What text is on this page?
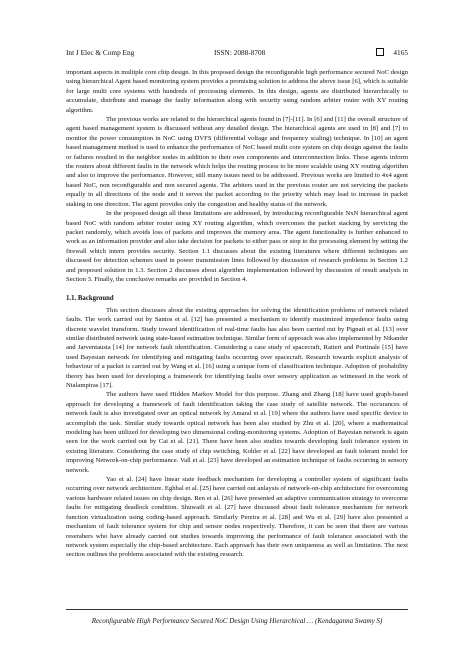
Int J Elec & Comp Eng	ISSN: 2088-8708	4165

important aspects in multiple core chip design. In this proposed design the reconfigurable high performance secured NoC design using hierarchical Agent based monitoring system provides a promising solution to address the above issue [6], which is suitable for large multi core systems with hundreds of processing elements. In this design, agents are distributed hierarchically to accumulate, distribute and manage the faulty information along with security using random arbiter router with XY routing algorithm.

The previous works are related to the hierarchical agents found in [7]-[11]. In [6] and [11] the overall structure of agent based management system is discussed without any detailed design. The hierarchical agents are used in [8] and [7] to monitor the power consumption in NoC using DVFS (differential voltage and frequency scaling) technique. In [10] an agent based management method is used to enhance the performance of NoC based multi core system on chip design against the faults or failures resulted in the neighbor nodes in addition to their own components and interconnection links. These agents inform the routers about different faults in the network which helps the routing process to be more scalable using XY routing algorithm and also to improve the performance. However, still many issues need to be addressed. Previous works are limited to 4x4 agent based NoC, non reconfigurable and non secured agents. The arbiters used in the previous router are not servicing the packets equally in all directions of the node and it serves the packet according to the priority which may lead to increase in packet staking in one direction. The agent provides only the congestion and healthy status of the network.

In the proposed design all these limitations are addressed, by introducing reconfigurable NxN hierarchical agent based NoC with random arbiter router using XY routing algorithm, which overcomes the packet stacking by servicing the packet randomly, which avoids loss of packets and improves the memory area. The agent functionality is further enhanced to work as an information provider and also take decision for packets to either pass or stop to the processing element by setting the firewall which intern provides security. Section 1.1 discusses about the existing literatures where different techniques are discussed for detection schemes used in power transmission lines followed by discussion of research problems in Section 1.2 and proposed solution in 1.3. Section 2 discusses about algorithm implementation followed by discussion of result analysis in Section 3. Finally, the conclusive remarks are provided in Section 4.

1.1. Background

This section discusses about the existing approaches for solving the identification problems of network related faults. The work carried out by Santos et al. [12] has presented a mechanism to identify maximized impedence faults using discrete wavelet transform. Study toward identification of real-time faults has also been carried out by Pignati et al. [13] over similar distributed network using state-based estimation technique. Similar form of approach was also implemented by Nikander and Jarventausta [14] for network fault identification. Considering a case study of spacecraft, Raiteri and Portinale [15] have used Bayesian network for identifying and mitigating faults occurring over spacecraft. Research towards explicit analysis of behaviour of a packet is carried out by Wang et al. [16] using a unique form of classification technique. Adoption of probability theory has been used for developing a framework for identifying faults over sensory application as witnessed in the work of Ntalampiras [17].

The authors have used Hidden Markov Model for this purpose. Zhang and Zhang [18] have used graph-based approach for developing a framework of fault identification taking the case study of satellite network. The occurances of network fault is also investigated over an optical network by Amaral et al. [19] where the authors have used specific device to accomplish the task. Similar study towards optical network has been also studied by Zhu et al. [20], where a mathematical modeling has been utilized for developing two dimensional coding-monitoring systems. Adoption of Bayesian network is again seen for the work carried out by Cai et al. [21]. There have been also studies towards developing fault tolerance system in existing literature. Considering the case study of chip switching, Kohler et al. [22] have developed an fault tolerant model for improving Network-on-chip performance. Vall et al. [23] have developed an estimation technique of faults occurring in sensory network.

Yao et al. [24] have linear state feedback mechanism for developing a controller system of significant faults occurring over network architecture. Eghbal et al. [25] have carried out anlaysis of network-on-chip architecture for overcoming various hardware related issues on chip design. Ren et al. [26] have presented an adaptive communication strategy to overcome faults for mitigating deadlock condition. Shuwaili et al. [27] have discussed about fault tolerance mechanism for network function virtualization using coding-based approach. Similarly Pereira et al. [28] and Wu et al. [29] have also presented a mechanism of fault tolerance system for chip and sensor nodes respectively. Therefore, it can be seen that there are various reserahers who have already carried out studies towards improving the performance of fault tolerance associated with the network system especially the chip-based architecture. Each approach has their own uniqueness as well as limitation. The next section outlines the problems associated with the existing research.

Reconfigurable High Performance Secured NoC Design Using Hierarchical … (Kendaganna Swamy S)
